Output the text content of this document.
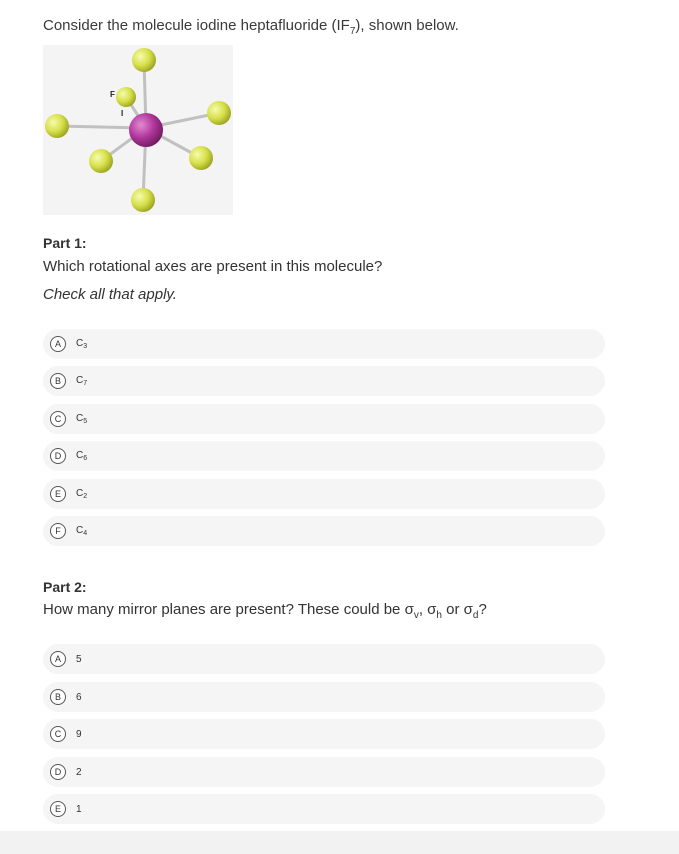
Consider the molecule iodine heptafluoride $(IF_7)$, shown below.
F
I
Part 1:
Which rotational axes are present in this molecule?
Check all that apply.
A	$C_3$
B	$C_7$
C	$C_5$
D	$C_6$
E	$C_2$
F	$C_4$
Part 2:
How many mirror planes are present? These could be $\sigma_v$, $\sigma_h$ or $\sigma_d$?
A	5
B	6
C	9
D	2
E	1
